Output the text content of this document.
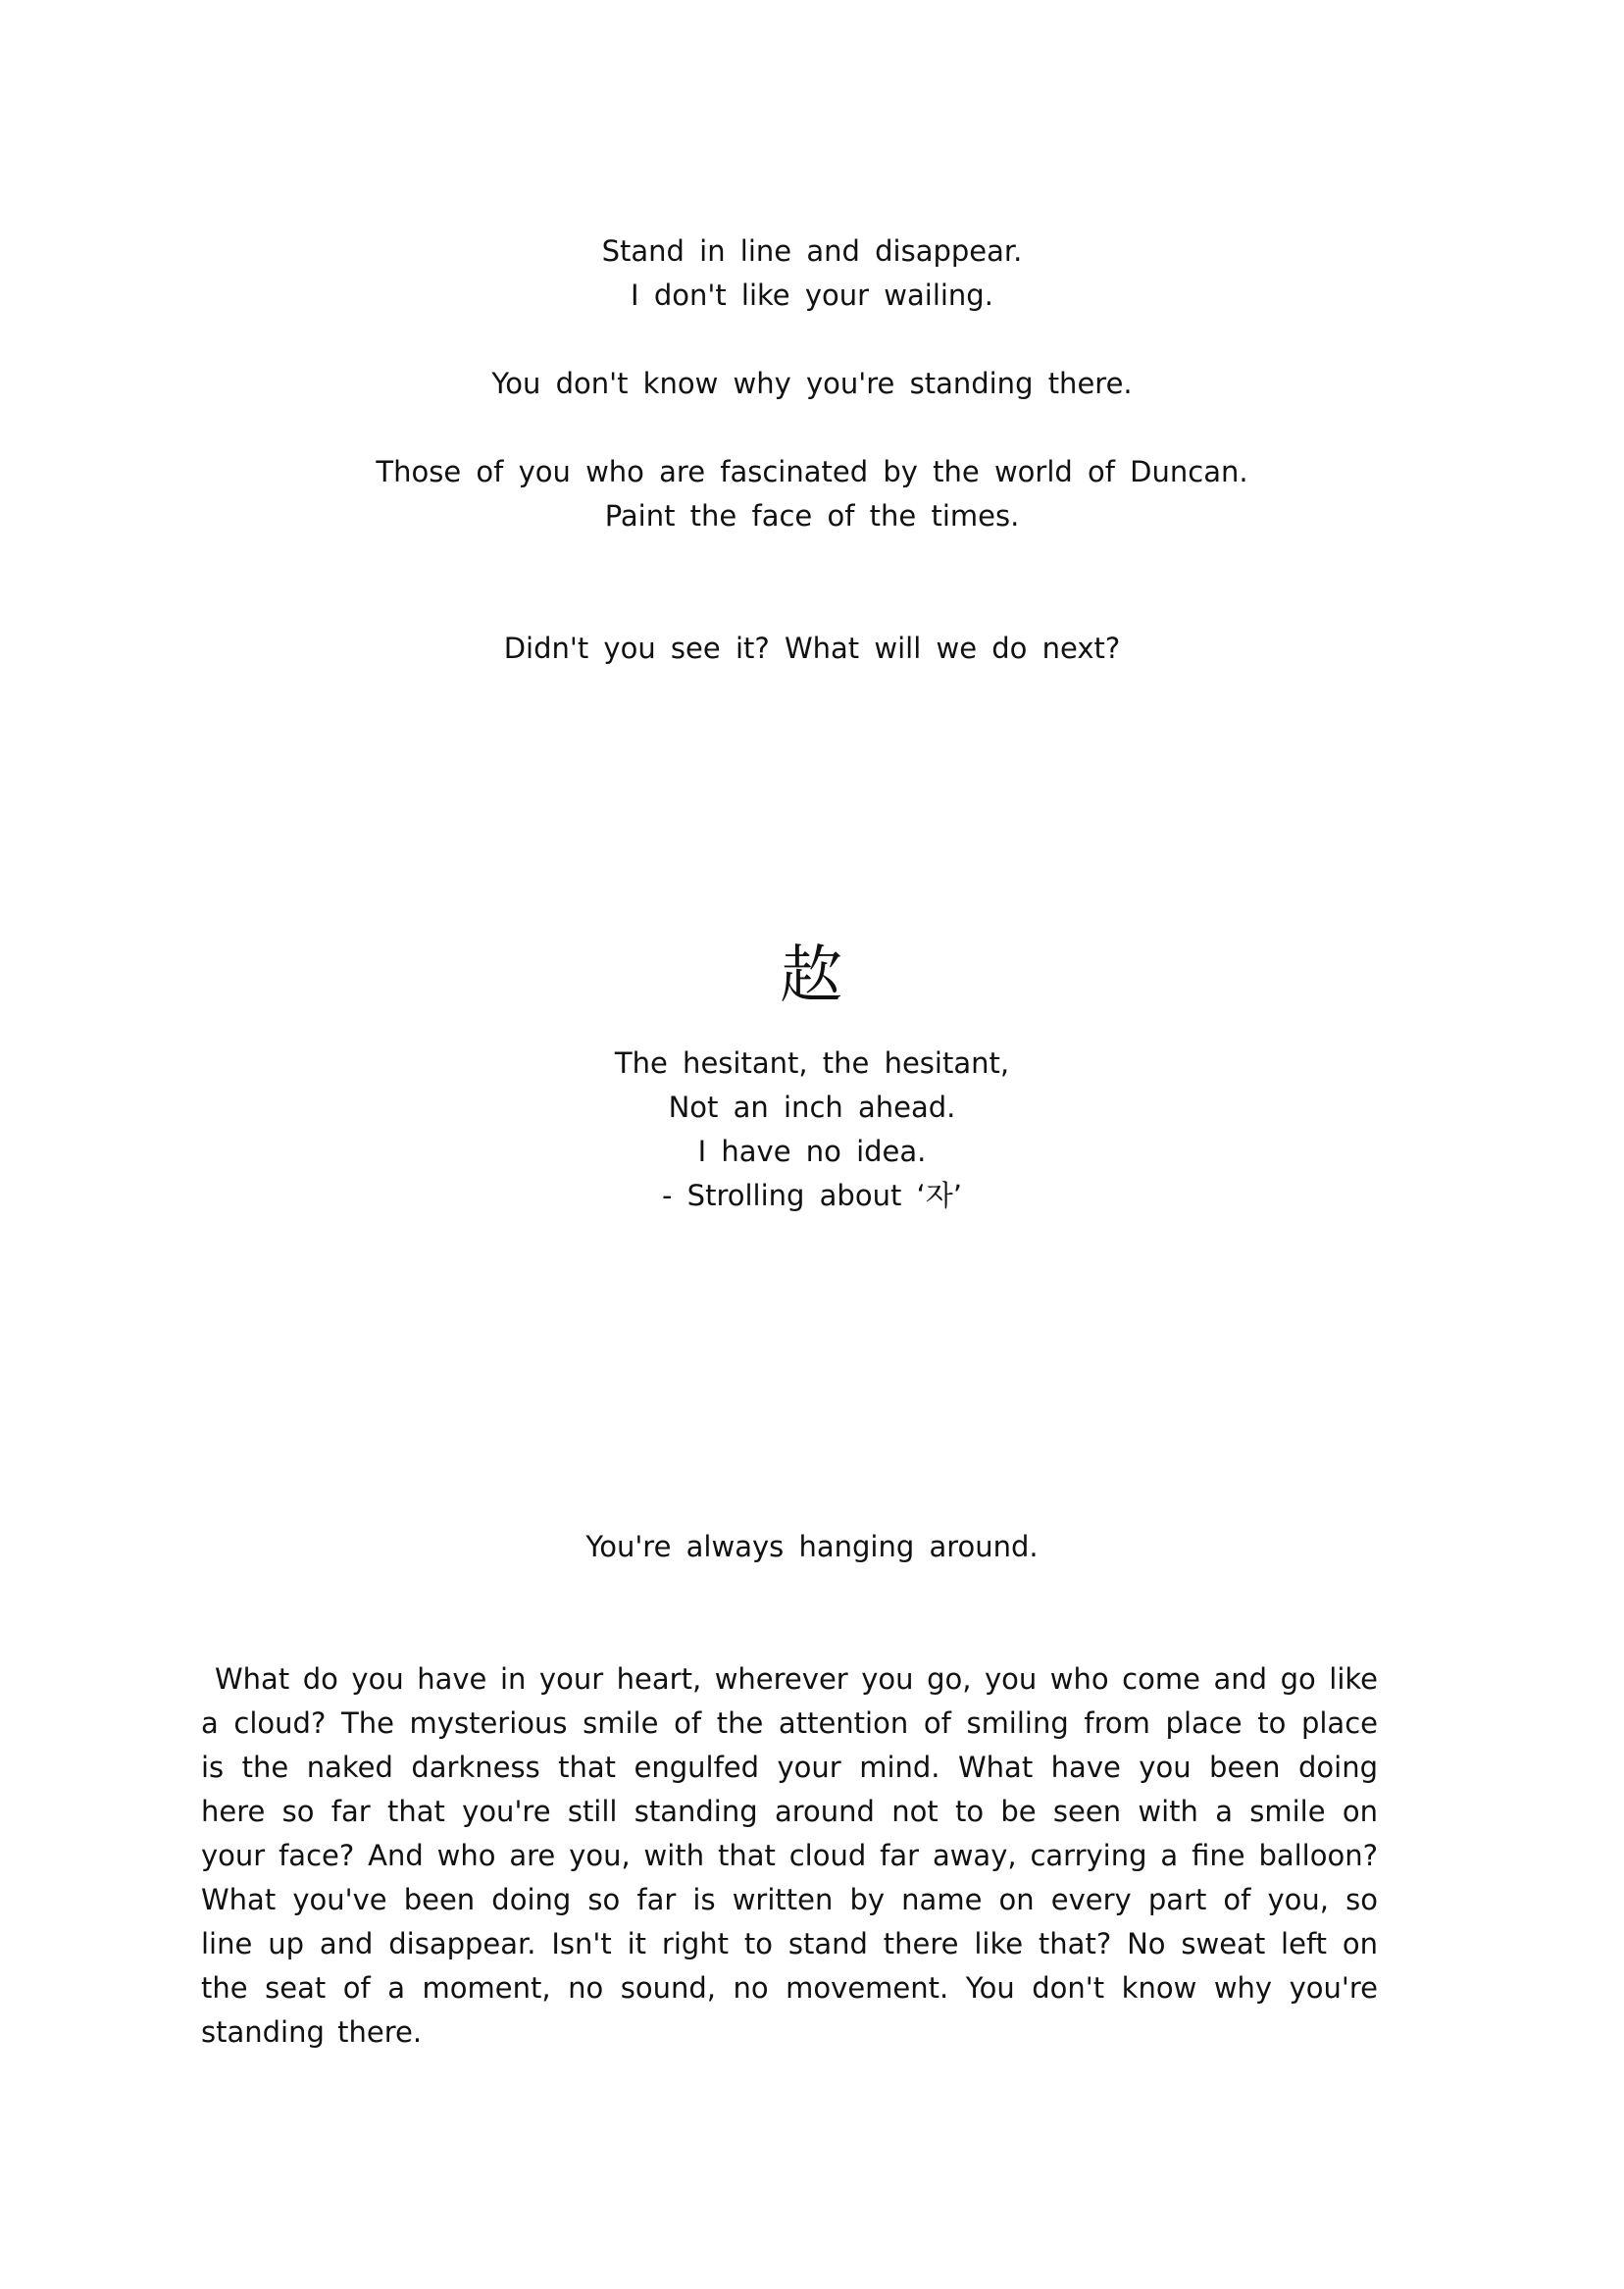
Stand in line and disappear.
I don't like your wailing.
You don't know why you're standing there.
Those of you who are fascinated by the world of Duncan.
Paint the face of the times.
Didn't you see it? What will we do next?
赼
The hesitant, the hesitant,
Not an inch ahead.
I have no idea.
- Strolling about ‘자’
You're always hanging around.

What do you have in your heart, wherever you go, you who come and go like a cloud? The mysterious smile of the attention of smiling from place to place is the naked darkness that engulfed your mind. What have you been doing here so far that you're still standing around not to be seen with a smile on your face? And who are you, with that cloud far away, carrying a fine balloon? What you've been doing so far is written by name on every part of you, so line up and disappear. Isn't it right to stand there like that? No sweat left on the seat of a moment, no sound, no movement. You don't know why you're standing there.
